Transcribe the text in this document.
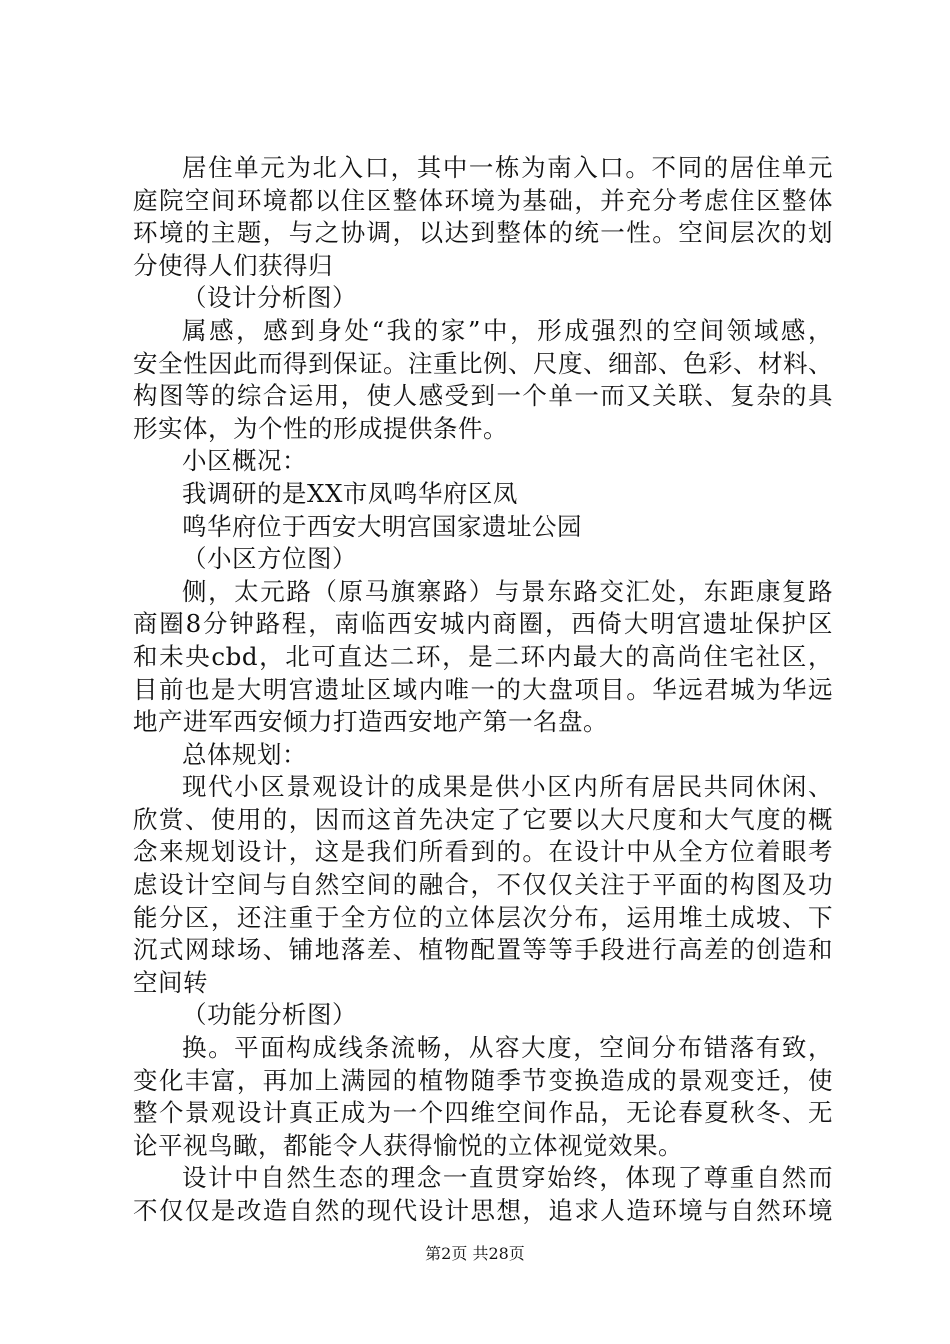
居住单元为北入口，其中一栋为南入口。不同的居住单元
庭院空间环境都以住区整体环境为基础，并充分考虑住区整体
环境的主题，与之协调，以达到整体的统一性。空间层次的划
分使得人们获得归
（设计分析图）
属感，感到身处“我的家”中，形成强烈的空间领域感，
安全性因此而得到保证。注重比例、尺度、细部、色彩、材料、
构图等的综合运用，使人感受到一个单一而又关联、复杂的具
形实体，为个性的形成提供条件。
小区概况：
我调研的是XX市凤鸣华府区凤
鸣华府位于西安大明宫国家遗址公园
（小区方位图）
侧，太元路（原马旗寨路）与景东路交汇处，东距康复路
商圈8分钟路程，南临西安城内商圈，西倚大明宫遗址保护区
和未央cbd，北可直达二环，是二环内最大的高尚住宅社区，
目前也是大明宫遗址区域内唯一的大盘项目。华远君城为华远
地产进军西安倾力打造西安地产第一名盘。
总体规划：
现代小区景观设计的成果是供小区内所有居民共同休闲、
欣赏、使用的，因而这首先决定了它要以大尺度和大气度的概
念来规划设计，这是我们所看到的。在设计中从全方位着眼考
虑设计空间与自然空间的融合，不仅仅关注于平面的构图及功
能分区，还注重于全方位的立体层次分布，运用堆土成坡、下
沉式网球场、铺地落差、植物配置等等手段进行高差的创造和
空间转
（功能分析图）
换。平面构成线条流畅，从容大度，空间分布错落有致，
变化丰富，再加上满园的植物随季节变换造成的景观变迁，使
整个景观设计真正成为一个四维空间作品，无论春夏秋冬、无
论平视鸟瞰，都能令人获得愉悦的立体视觉效果。
设计中自然生态的理念一直贯穿始终，体现了尊重自然而
不仅仅是改造自然的现代设计思想，追求人造环境与自然环境
第2页 共28页
